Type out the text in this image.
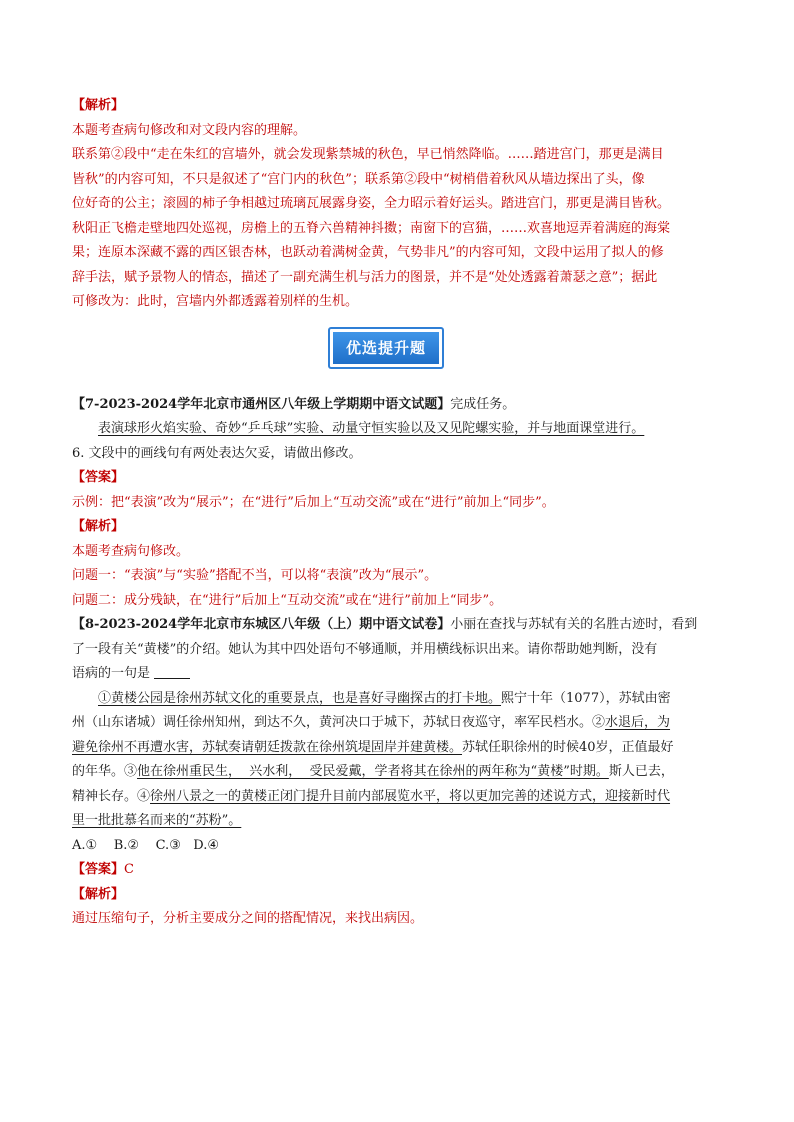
【解析】
本题考查病句修改和对文段内容的理解。
联系第②段中“走在朱红的宫墙外，就会发现紫禁城的秋色，早已悄然降临。……踏进宫门，那更是满目
皆秋”的内容可知，不只是叙述了“宫门内的秋色”；联系第②段中“树梢借着秋风从墙边探出了头，像
位好奇的公主；滚圆的柿子争相越过琉璃瓦展露身姿，全力昭示着好运头。踏进宫门，那更是满目皆秋。
秋阳正飞檐走壁地四处巡视，房檐上的五脊六兽精神抖擞；南窗下的宫猫，……欢喜地逗弄着满庭的海棠
果；连原本深藏不露的西区银杏林，也跃动着满树金黄，气势非凡”的内容可知，文段中运用了拟人的修
辞手法，赋予景物人的情态，描述了一副充满生机与活力的图景，并不是“处处透露着萧瑟之意”；据此
可修改为：此时，宫墙内外都透露着别样的生机。
优选提升题
【7-2023-2024学年北京市通州区八年级上学期期中语文试题】完成任务。
表演球形火焰实验、奇妙“乒乓球”实验、动量守恒实验以及又见陀螺实验，并与地面课堂进行。
6. 文段中的画线句有两处表达欠妥，请做出修改。
【答案】
示例：把“表演”改为“展示”；在“进行”后加上“互动交流”或在“进行”前加上“同步”。
【解析】
本题考查病句修改。
问题一：“表演”与“实验”搭配不当，可以将“表演”改为“展示”。
问题二：成分残缺，在“进行”后加上“互动交流”或在“进行”前加上“同步”。
【8-2023-2024学年北京市东城区八年级（上）期中语文试卷】小丽在查找与苏轼有关的名胜古迹时，看到
了一段有关“黄楼”的介绍。她认为其中四处语句不够通顺，并用横线标识出来。请你帮助她判断，没有
语病的一句是
①黄楼公园是徐州苏轼文化的重要景点，也是喜好寻幽探古的打卡地。熙宁十年（1077），苏轼由密
州（山东诸城）调任徐州知州，到达不久，黄河决口于城下，苏轼日夜巡守，率军民档水。②水退后，为
避免徐州不再遭水害，苏轼奏请朝廷拨款在徐州筑堤固岸并建黄楼。苏轼任职徐州的时候40岁，正值最好
的年华。③他在徐州重民生，  兴水利，  受民爱戴，学者将其在徐州的两年称为“黄楼”时期。斯人已去，
精神长存。④徐州八景之一的黄楼正闭门提升目前内部展览水平，将以更加完善的述说方式，迎接新时代
里一批批慕名而来的“苏粉”。
A.①    B.②    C.③   D.④
【答案】C
【解析】
通过压缩句子，分析主要成分之间的搭配情况，来找出病因。
